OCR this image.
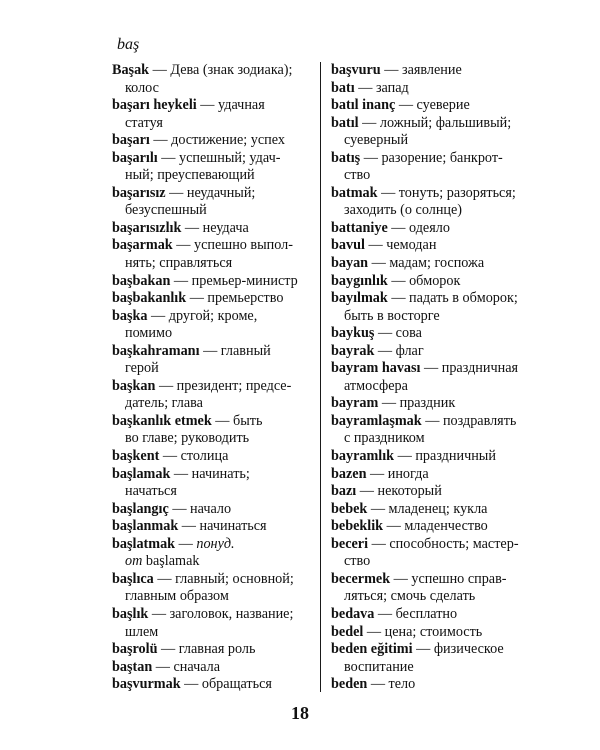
baş
Başak — Дева (знак зодиака);
колос
başarı heykeli — удачная
статуя
başarı — достижение; успех
başarılı — успешный; удач-
ный; преуспевающий
başarısız — неудачный;
безуспешный
başarısızlık — неудача
başarmak — успешно выпол-
нять; справляться
başbakan — премьер-министр
başbakanlık — премьерство
başka — другой; кроме,
помимо
başkahramanı — главный
герой
başkan — президент; предсе-
датель; глава
başkanlık etmek — быть
во главе; руководить
başkent — столица
başlamak — начинать;
начаться
başlangıç — начало
başlanmak — начинаться
başlatmak — понуд.
от başlamak
başlıca — главный; основной;
главным образом
başlık — заголовок, название;
шлем
başrolü — главная роль
baştan — сначала
başvurmak — обращаться
başvuru — заявление
batı — запад
batıl inanç — суеверие
batıl — ложный; фальшивый;
суеверный
batış — разорение; банкрот-
ство
batmak — тонуть; разоряться;
заходить (о солнце)
battaniye — одеяло
bavul — чемодан
bayan — мадам; госпожа
baygınlık — обморок
bayılmak — падать в обморок;
быть в восторге
baykuş — сова
bayrak — флаг
bayram havası — праздничная
атмосфера
bayram — праздник
bayramlaşmak — поздравлять
с праздником
bayramlık — праздничный
bazen — иногда
bazı — некоторый
bebek — младенец; кукла
bebeklik — младенчество
beceri — способность; мастер-
ство
becermek — успешно справ-
ляться; смочь сделать
bedava — бесплатно
bedel — цена; стоимость
beden eğitimi — физическое
воспитание
beden — тело
18
